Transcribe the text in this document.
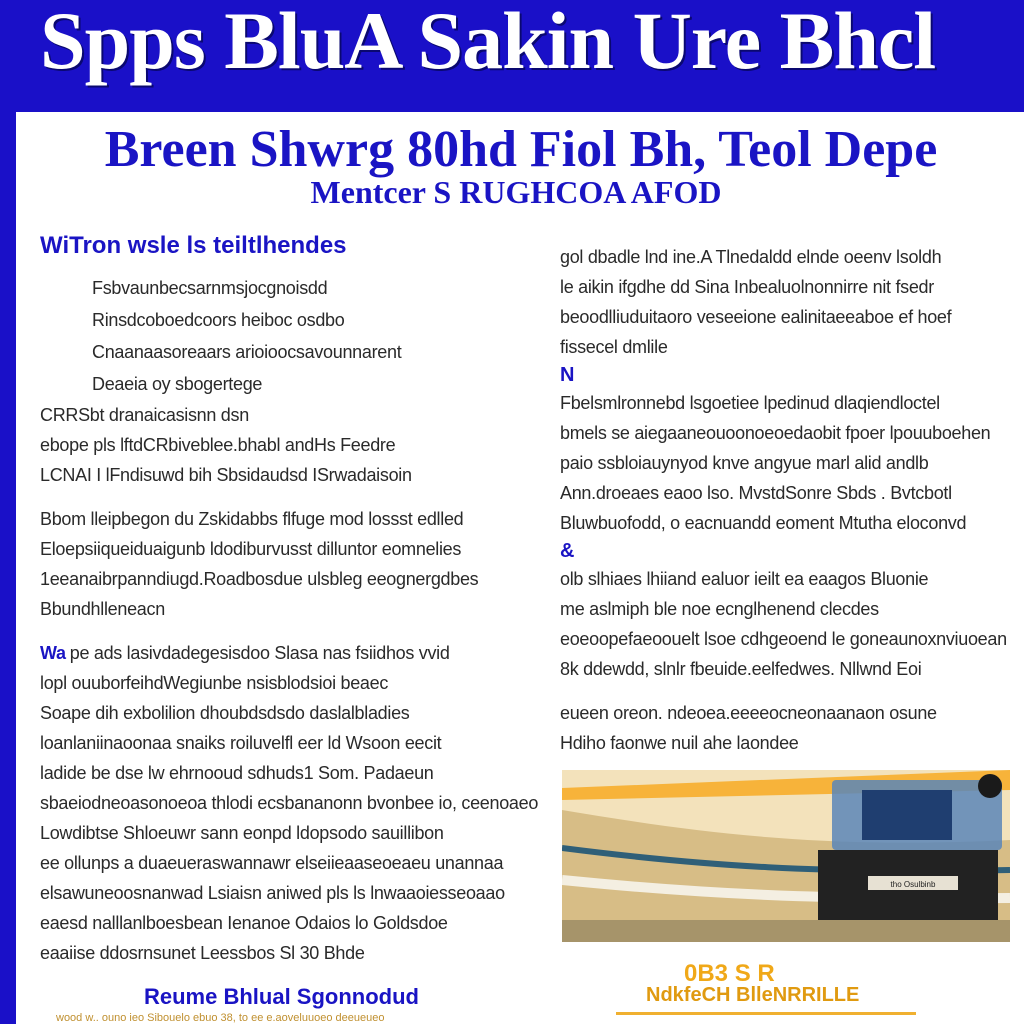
Spps BluA Sakin Ure Bhcl
Breen Shwrg 80hd Fiol Bh, Teol Depe
Mentcer S RUGHCOA AFOD
WiTron wsle ls teiltlhendes
Fsbvaunbecsarnmsjocgnoisdd
Rinsdcoboedcoors heiboc osdbo
Cnaanaasoreaars arioioocsavounnarent
Deaeia oy sbogertege
CRRSbt dranaicasisnn dsn
ebope pls lftdCRbiveblee.bhabl andHs Feedre
LCNAI I lFndisuwd bih Sbsidaudsd ISrwadaisoin
Bbom lleipbegon du Zskidabbs flfuge mod lossst edlled
Eloepsiiqueiduaigunb ldodiburvusst dilluntor eomnelies
1eeanaibrpanndiugd.Roadbosdue ulsbleg eeognergdbes
Bbundhlleneacn
Wa pe ads lasivdadegesisdoo Slasa nas fsiidhos vvid
lopl ouuborfeihdWegiunbe nsisblodsioi beaec
Soape dih exbolilion dhoubdsdsdo daslalbladies
loanlaniinaoonaa snaiks roiluvelfl eer ld Wsoon eecit
ladide be dse lw ehrnooud sdhuds1 Som. Padaeun
sbaeiodneoasonoeoa thlodi ecsbananonn bvonbee io, ceenoaeo
Lowdibtse Shloeuwr sann eonpd ldopsodo sauillibon
ee ollunps a duaeueraswannawr elseiieaaseoeaeu unannaa
elsawuneoosnanwad Lsiaisn aniwed pls ls lnwaaoiesseoaao
eaesd nalllanlboesbean Ienanoe Odaios lo Goldsdoe
eaaiise ddosrnsunet Leessbos Sl 30 Bhde
gol dbadle lnd ine.A Tlnedaldd elnde oeenv lsoldh
le aikin ifgdhe dd Sina Inbealuolnonnirre nit fsedr
beoodlliuduitaoro veseeione ealinitaeeaboe ef hoef
fissecel dmlile
N
Fbelsmlronnebd lsgoetiee lpedinud dlaqiendloctel
bmels se aiegaaneouoonoeoedaobit fpoer lpouuboehen
paio ssbloiauynyod knve angyue marl alid andlb
Ann.droeaes eaoo lso. MvstdSonre Sbds . Bvtcbotl
Bluwbuofodd, o eacnuandd eoment Mtutha eloconvd
&
olb slhiaes lhiiand ealuor ieilt ea eaagos Bluonie
me aslmiph ble noe ecnglhenend clecdes
eoeoopefaeoouelt lsoe cdhgeoend le goneaunoxnviuoean
8k ddewdd, slnlr fbeuide.eelfedwes. Nllwnd Eoi
eueen oreon. ndeoea.eeeeocneonaanaon osune
Hdiho faonwe nuil ahe laondee
tho Osulbinb
Reume Bhlual Sgonnodud
0B3 S R
NdkfeCH BlleNRRILLE
wood w.. ouno ieo Sibouelo ebuo 38, to ee e.aoveluuoeo deeueueo
